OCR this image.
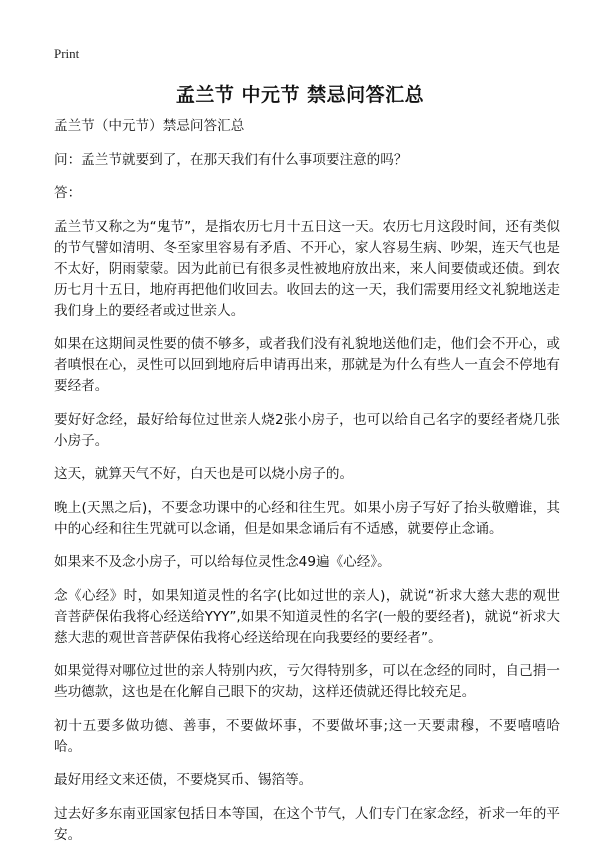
Print
孟兰节 中元节 禁忌问答汇总

孟兰节（中元节）禁忌问答汇总

问：孟兰节就要到了，在那天我们有什么事项要注意的吗？

答：

孟兰节又称之为“鬼节”，是指农历七月十五日这一天。农历七月这段时间，还有类似的节气譬如清明、冬至家里容易有矛盾、不开心，家人容易生病、吵架，连天气也是不太好，阴雨蒙蒙。因为此前已有很多灵性被地府放出来，来人间要债或还债。到农历七月十五日，地府再把他们收回去。收回去的这一天，我们需要用经文礼貌地送走我们身上的要经者或过世亲人。

如果在这期间灵性要的债不够多，或者我们没有礼貌地送他们走，他们会不开心，或者嗔恨在心，灵性可以回到地府后申请再出来，那就是为什么有些人一直会不停地有要经者。

要好好念经，最好给每位过世亲人烧2张小房子，也可以给自己名字的要经者烧几张小房子。

这天，就算天气不好，白天也是可以烧小房子的。

晚上(天黑之后)，不要念功课中的心经和往生咒。如果小房子写好了抬头敬赠谁，其中的心经和往生咒就可以念诵，但是如果念诵后有不适感，就要停止念诵。

如果来不及念小房子，可以给每位灵性念49遍《心经》。

念《心经》时，如果知道灵性的名字(比如过世的亲人)，就说“祈求大慈大悲的观世音菩萨保佑我将心经送给YYY”,如果不知道灵性的名字(一般的要经者)，就说“祈求大慈大悲的观世音菩萨保佑我将心经送给现在向我要经的要经者”。

如果觉得对哪位过世的亲人特别内疚，亏欠得特别多，可以在念经的同时，自己捐一些功德款，这也是在化解自己眼下的灾劫，这样还债就还得比较充足。

初十五要多做功德、善事，不要做坏事，不要做坏事;这一天要肃穆，不要嘻嘻哈哈。

最好用经文来还债，不要烧冥币、锡箔等。

过去好多东南亚国家包括日本等国，在这个节气，人们专门在家念经，祈求一年的平安。
